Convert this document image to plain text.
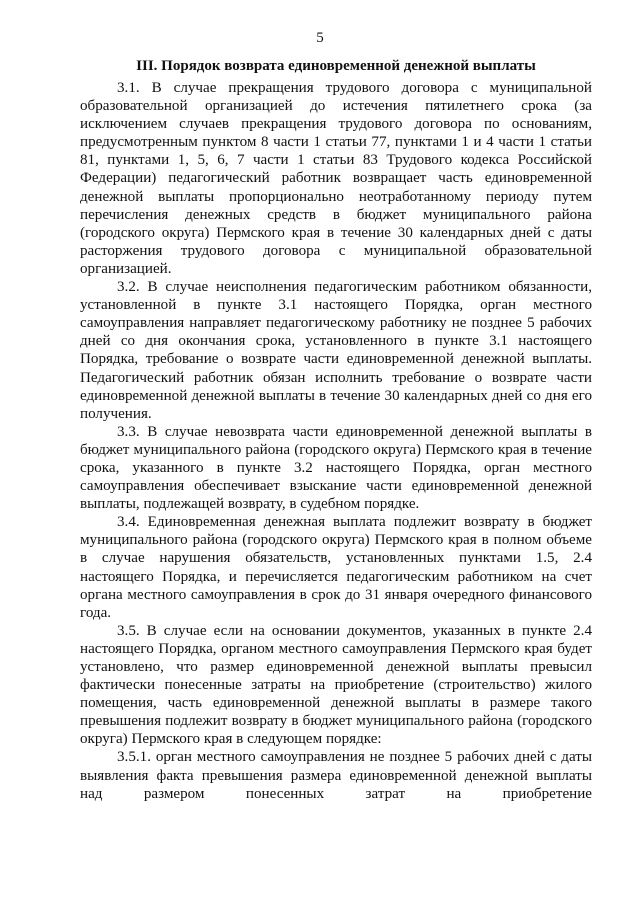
5
III. Порядок возврата единовременной денежной выплаты

3.1. В случае прекращения трудового договора с муниципальной образовательной организацией до истечения пятилетнего срока (за исключением случаев прекращения трудового договора по основаниям, предусмотренным пунктом 8 части 1 статьи 77, пунктами 1 и 4 части 1 статьи 81, пунктами 1, 5, 6, 7 части 1 статьи 83 Трудового кодекса Российской Федерации) педагогический работник возвращает часть единовременной денежной выплаты пропорционально неотработанному периоду путем перечисления денежных средств в бюджет муниципального района (городского округа) Пермского края в течение 30 календарных дней с даты расторжения трудового договора с муниципальной образовательной организацией.

3.2. В случае неисполнения педагогическим работником обязанности, установленной в пункте 3.1 настоящего Порядка, орган местного самоуправления направляет педагогическому работнику не позднее 5 рабочих дней со дня окончания срока, установленного в пункте 3.1 настоящего Порядка, требование о возврате части единовременной денежной выплаты. Педагогический работник обязан исполнить требование о возврате части единовременной денежной выплаты в течение 30 календарных дней со дня его получения.

3.3. В случае невозврата части единовременной денежной выплаты в бюджет муниципального района (городского округа) Пермского края в течение срока, указанного в пункте 3.2 настоящего Порядка, орган местного самоуправления обеспечивает взыскание части единовременной денежной выплаты, подлежащей возврату, в судебном порядке.

3.4. Единовременная денежная выплата подлежит возврату в бюджет муниципального района (городского округа) Пермского края в полном объеме в случае нарушения обязательств, установленных пунктами 1.5, 2.4 настоящего Порядка, и перечисляется педагогическим работником на счет органа местного самоуправления в срок до 31 января очередного финансового года.

3.5. В случае если на основании документов, указанных в пункте 2.4 настоящего Порядка, органом местного самоуправления Пермского края будет установлено, что размер единовременной денежной выплаты превысил фактически понесенные затраты на приобретение (строительство) жилого помещения, часть единовременной денежной выплаты в размере такого превышения подлежит возврату в бюджет муниципального района (городского округа) Пермского края в следующем порядке:

3.5.1. орган местного самоуправления не позднее 5 рабочих дней с даты выявления факта превышения размера единовременной денежной выплаты над размером понесенных затрат на приобретение
